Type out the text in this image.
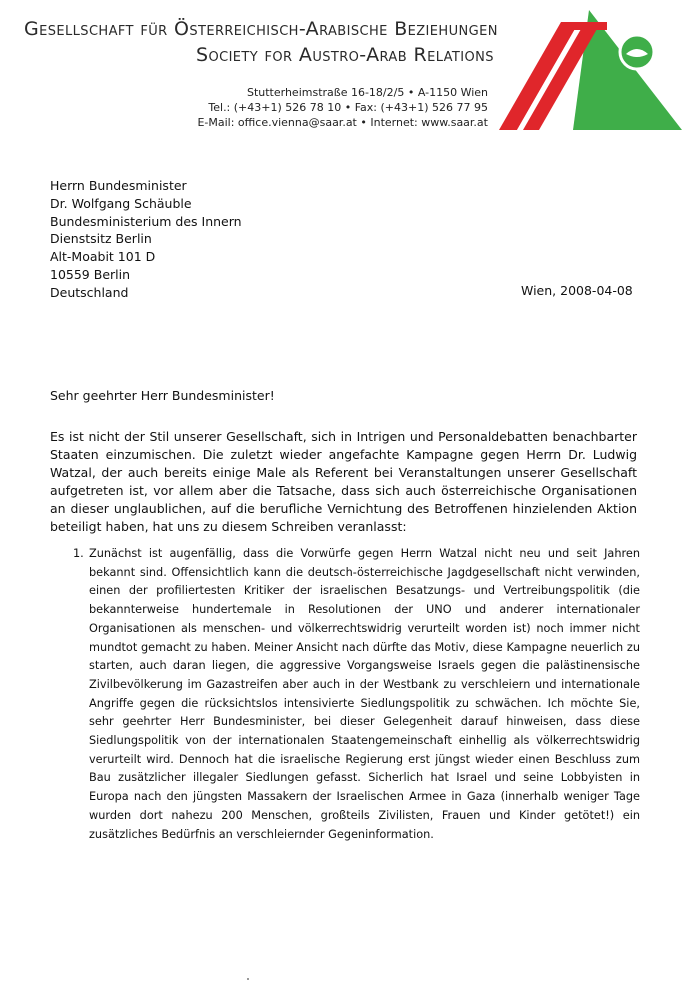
Gesellschaft für Österreichisch-Arabische Beziehungen
Society for Austro-Arab Relations
Stutterheimstraße 16-18/2/5 • A-1150 Wien
Tel.: (+43+1) 526 78 10 • Fax: (+43+1) 526 77 95
E-Mail: office.vienna@saar.at • Internet: www.saar.at
Herrn Bundesminister
Dr. Wolfgang Schäuble
Bundesministerium des Innern
Dienstsitz Berlin
Alt-Moabit 101 D
10559 Berlin
Deutschland	Wien, 2008-04-08
Sehr geehrter Herr Bundesminister!
Es ist nicht der Stil unserer Gesellschaft, sich in Intrigen und Personaldebatten benachbarter Staaten einzumischen. Die zuletzt wieder angefachte Kampagne gegen Herrn Dr. Ludwig Watzal, der auch bereits einige Male als Referent bei Veranstaltungen unserer Gesellschaft aufgetreten ist, vor allem aber die Tatsache, dass sich auch österreichische Organisationen an dieser unglaublichen, auf die berufliche Vernichtung des Betroffenen hinzielenden Aktion beteiligt haben, hat uns zu diesem Schreiben veranlasst:
1. Zunächst ist augenfällig, dass die Vorwürfe gegen Herrn Watzal nicht neu und seit Jahren bekannt sind. Offensichtlich kann die deutsch-österreichische Jagdgesellschaft nicht verwinden, einen der profiliertesten Kritiker der israelischen Besatzungs- und Vertreibungspolitik (die bekannterweise hundertemale in Resolutionen der UNO und anderer internationaler Organisationen als menschen- und völkerrechtswidrig verurteilt worden ist) noch immer nicht mundtot gemacht zu haben. Meiner Ansicht nach dürfte das Motiv, diese Kampagne neuerlich zu starten, auch daran liegen, die aggressive Vorgangsweise Israels gegen die palästinensische Zivilbevölkerung im Gazastreifen aber auch in der Westbank zu verschleiern und internationale Angriffe gegen die rücksichtslos intensivierte Siedlungspolitik zu schwächen. Ich möchte Sie, sehr geehrter Herr Bundesminister, bei dieser Gelegenheit darauf hinweisen, dass diese Siedlungspolitik von der internationalen Staatengemeinschaft einhellig als völkerrechtswidrig verurteilt wird. Dennoch hat die israelische Regierung erst jüngst wieder einen Beschluss zum Bau zusätzlicher illegaler Siedlungen gefasst. Sicherlich hat Israel und seine Lobbyisten in Europa nach den jüngsten Massakern der Israelischen Armee in Gaza (innerhalb weniger Tage wurden dort nahezu 200 Menschen, großteils Zivilisten, Frauen und Kinder getötet!) ein zusätzliches Bedürfnis an verschleiernder Gegeninformation.
